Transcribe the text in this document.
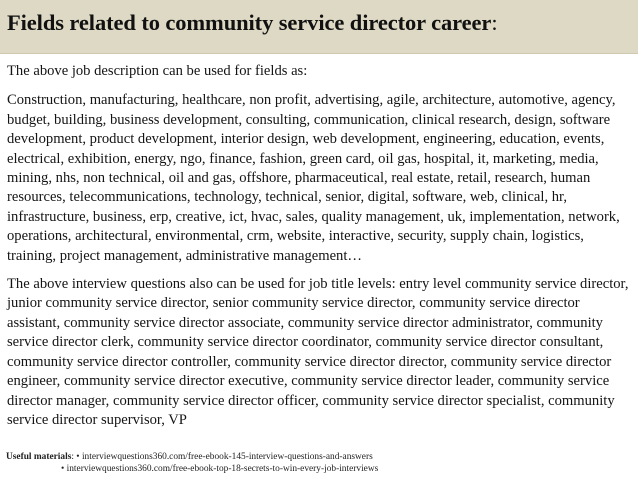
Fields related to community service director career:

The above job description can be used for fields as:

Construction, manufacturing, healthcare, non profit, advertising, agile, architecture, automotive, agency, budget, building, business development, consulting, communication, clinical research, design, software development, product development, interior design, web development, engineering, education, events, electrical, exhibition, energy, ngo, finance, fashion, green card, oil gas, hospital, it, marketing, media, mining, nhs, non technical, oil and gas, offshore, pharmaceutical, real estate, retail, research, human resources, telecommunications, technology, technical, senior, digital, software, web, clinical, hr, infrastructure, business, erp, creative, ict, hvac, sales, quality management, uk, implementation, network, operations, architectural, environmental, crm, website, interactive, security, supply chain, logistics, training, project management, administrative management…

The above interview questions also can be used for job title levels: entry level community service director, junior community service director, senior community service director, community service director assistant, community service director associate, community service director administrator, community service director clerk, community service director coordinator, community service director consultant, community service director controller, community service director director, community service director engineer, community service director executive, community service director leader, community service director manager, community service director officer, community service director specialist, community service director supervisor, VP

Useful materials: • interviewquestions360.com/free-ebook-145-interview-questions-and-answers
• interviewquestions360.com/free-ebook-top-18-secrets-to-win-every-job-interviews
